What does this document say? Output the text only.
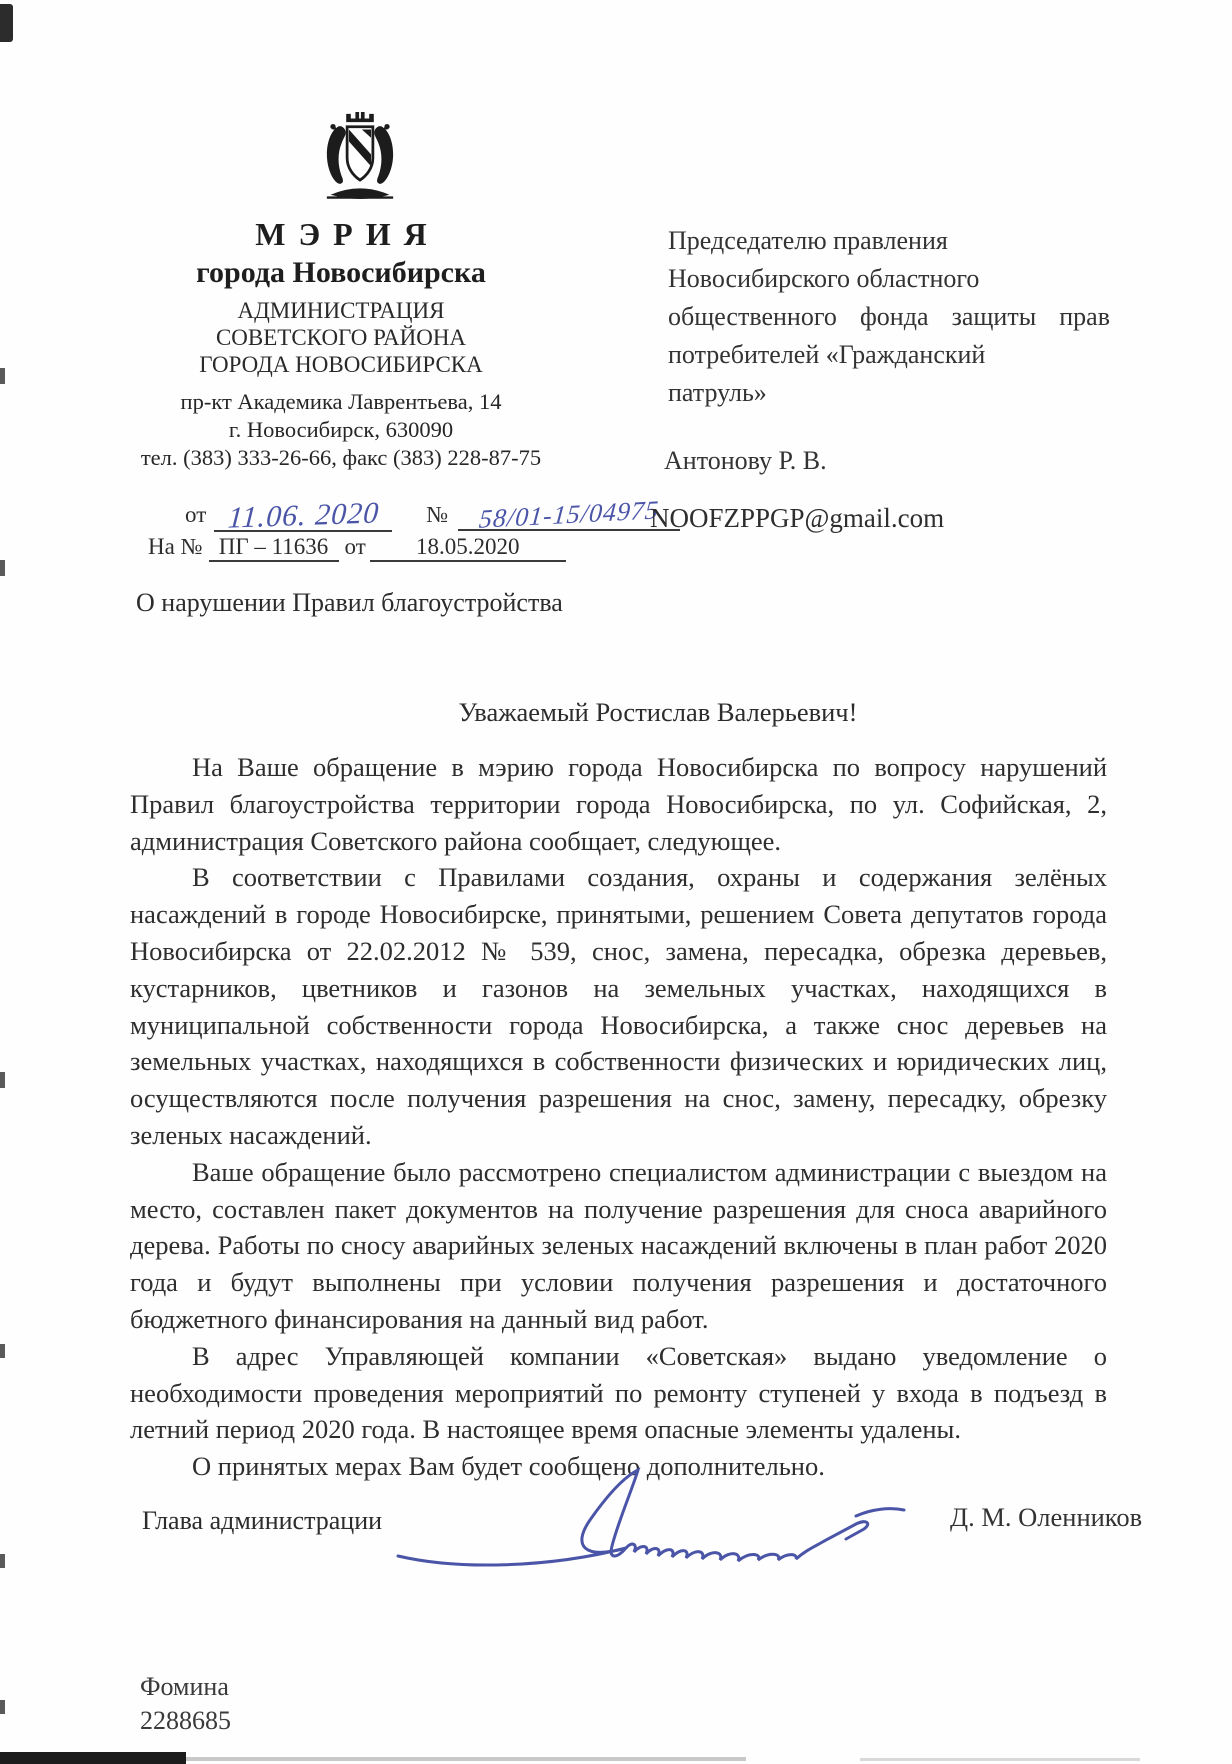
МЭРИЯ
города Новосибирска
АДМИНИСТРАЦИЯ
СОВЕТСКОГО РАЙОНА
ГОРОДА НОВОСИБИРСКА
пр-кт Академика Лаврентьева, 14
г. Новосибирск, 630090
тел. (383) 333-26-66, факс (383) 228-87-75
от 11.06. 2020 № 58/01-15/04975
На № ПГ – 11636 от 18.05.2020
Председателю правления
Новосибирского областного
общественного фонда защиты прав
потребителей «Гражданский
патруль»
Антонову Р. В.
NOOFZPPGP@gmail.com
О нарушении Правил благоустройства
Уважаемый Ростислав Валерьевич!

На Ваше обращение в мэрию города Новосибирска по вопросу нарушений Правил благоустройства территории города Новосибирска, по ул. Софийская, 2, администрация Советского района сообщает, следующее.

В соответствии с Правилами создания, охраны и содержания зелёных насаждений в городе Новосибирске, принятыми, решением Совета депутатов города Новосибирска от 22.02.2012 № 539, снос, замена, пересадка, обрезка деревьев, кустарников, цветников и газонов на земельных участках, находящихся в муниципальной собственности города Новосибирска, а также снос деревьев на земельных участках, находящихся в собственности физических и юридических лиц, осуществляются после получения разрешения на снос, замену, пересадку, обрезку зеленых насаждений.

Ваше обращение было рассмотрено специалистом администрации с выездом на место, составлен пакет документов на получение разрешения для сноса аварийного дерева. Работы по сносу аварийных зеленых насаждений включены в план работ 2020 года и будут выполнены при условии получения разрешения и достаточного бюджетного финансирования на данный вид работ.

В адрес Управляющей компании «Советская» выдано уведомление о необходимости проведения мероприятий по ремонту ступеней у входа в подъезд в летний период 2020 года. В настоящее время опасные элементы удалены.

О принятых мерах Вам будет сообщено дополнительно.

Глава администрации	Д. М. Оленников
Фомина
2288685
